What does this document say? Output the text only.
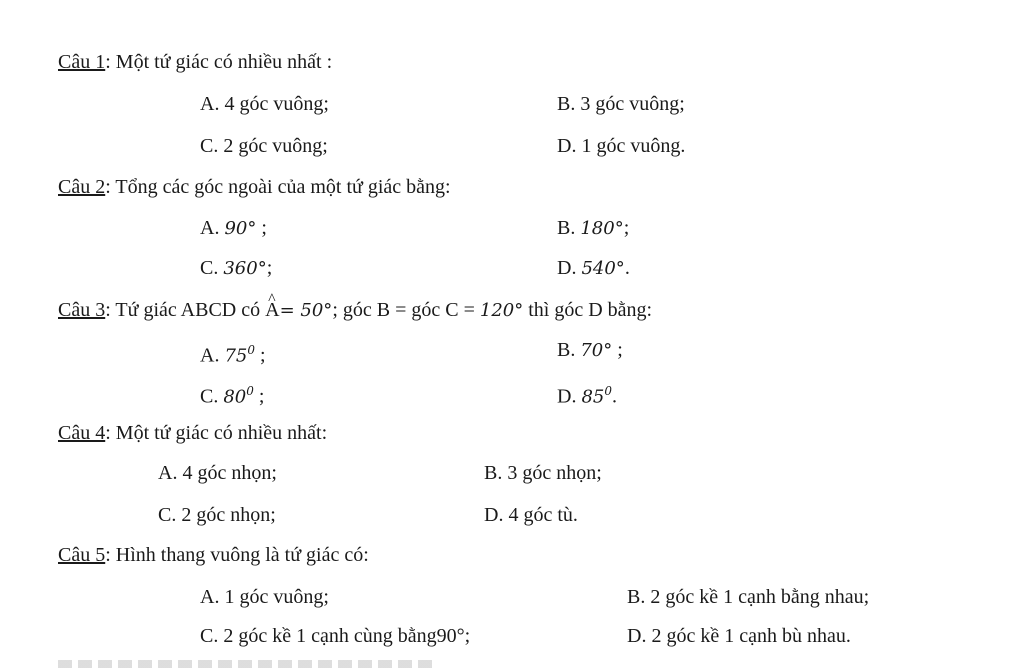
Câu 1: Một tứ giác có nhiều nhất :
A. 4 góc vuông;	B. 3 góc vuông;
C. 2 góc vuông;	D. 1 góc vuông.
Câu 2: Tổng các góc ngoài của một tứ giác bằng:
A. 90° ;	B. 180°;
C. 360°;	D. 540°.
Câu 3: Tứ giác ABCD có ^ A= 50°; góc B = góc C = 120° thì góc D bằng:
A. $75^0$ ;	B. 70° ;
C. $80^0$ ;	D. $85^0$.
Câu 4: Một tứ giác có nhiều nhất:
A. 4 góc nhọn;	B. 3 góc nhọn;
C. 2 góc nhọn;	D. 4 góc tù.
Câu 5: Hình thang vuông là tứ giác có:
A. 1 góc vuông;	B. 2 góc kề 1 cạnh bằng nhau;
C. 2 góc kề 1 cạnh cùng bằng90°;	D. 2 góc kề 1 cạnh bù nhau.
